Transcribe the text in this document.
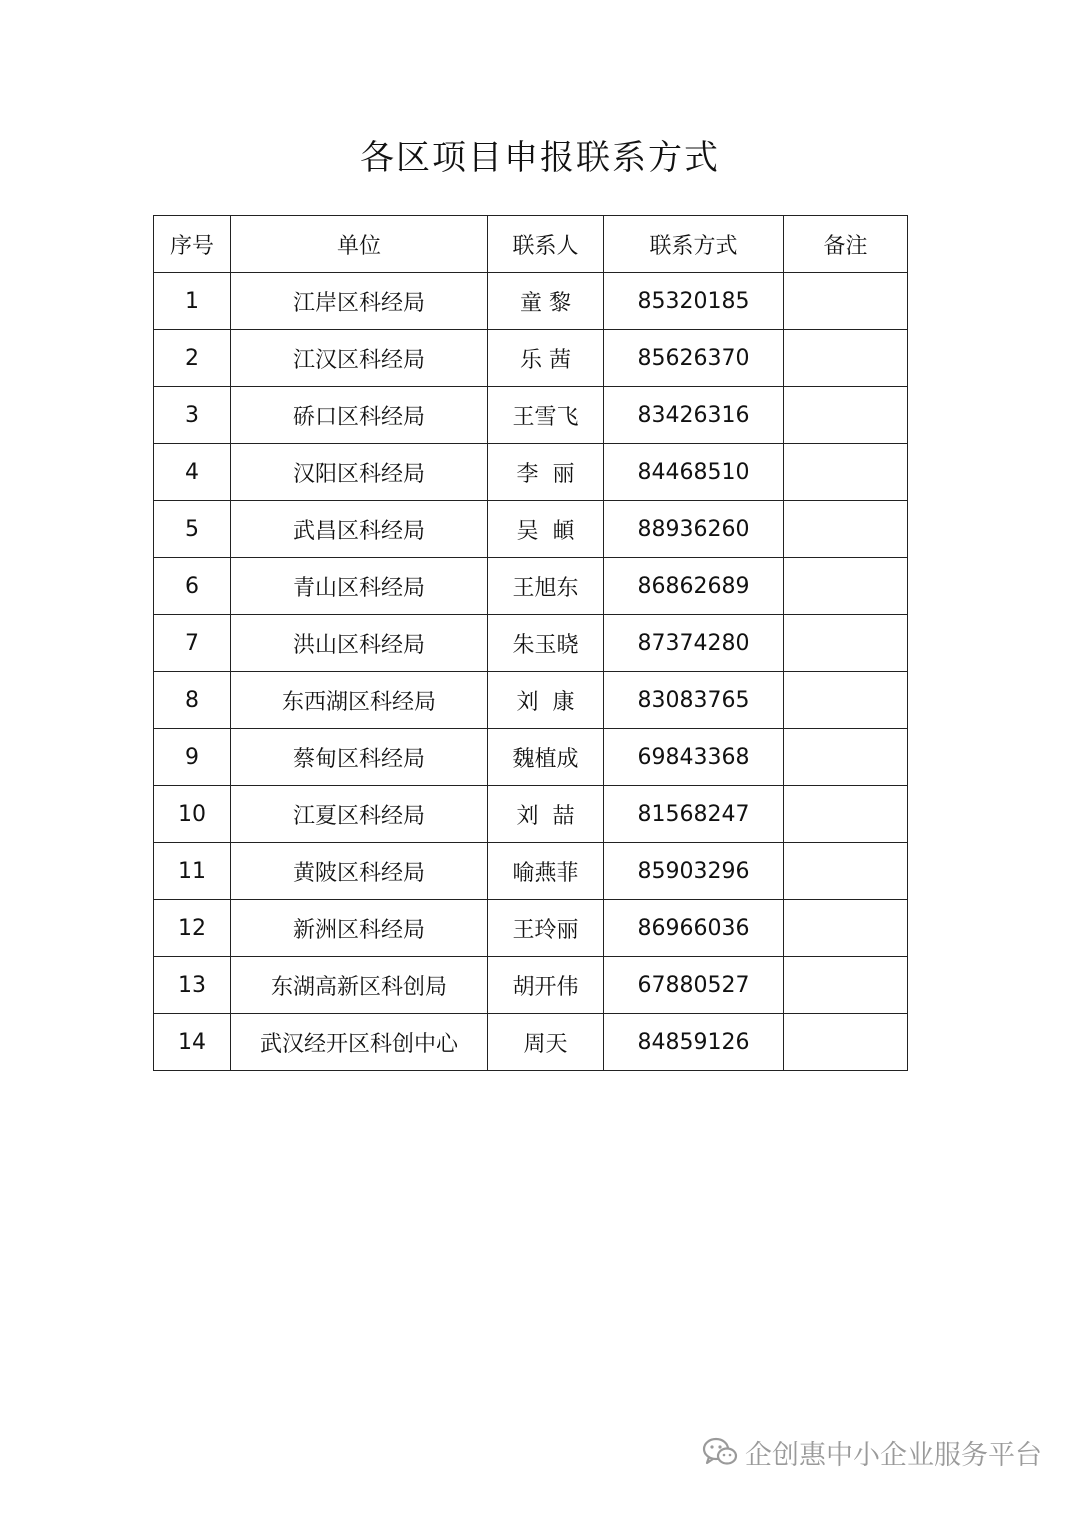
各区项目申报联系方式
序号	单位	联系人	联系方式	备注
1	江岸区科经局	童 黎	85320185	
2	江汉区科经局	乐 茜	85626370	
3	硚口区科经局	王雪飞	83426316	
4	汉阳区科经局	李  丽	84468510	
5	武昌区科经局	吴  頔	88936260	
6	青山区科经局	王旭东	86862689	
7	洪山区科经局	朱玉晓	87374280	
8	东西湖区科经局	刘  康	83083765	
9	蔡甸区科经局	魏植成	69843368	
10	江夏区科经局	刘  喆	81568247	
11	黄陂区科经局	喻燕菲	85903296	
12	新洲区科经局	王玲丽	86966036	
13	东湖高新区科创局	胡开伟	67880527	
14	武汉经开区科创中心	周天	84859126	
企创惠中小企业服务平台
